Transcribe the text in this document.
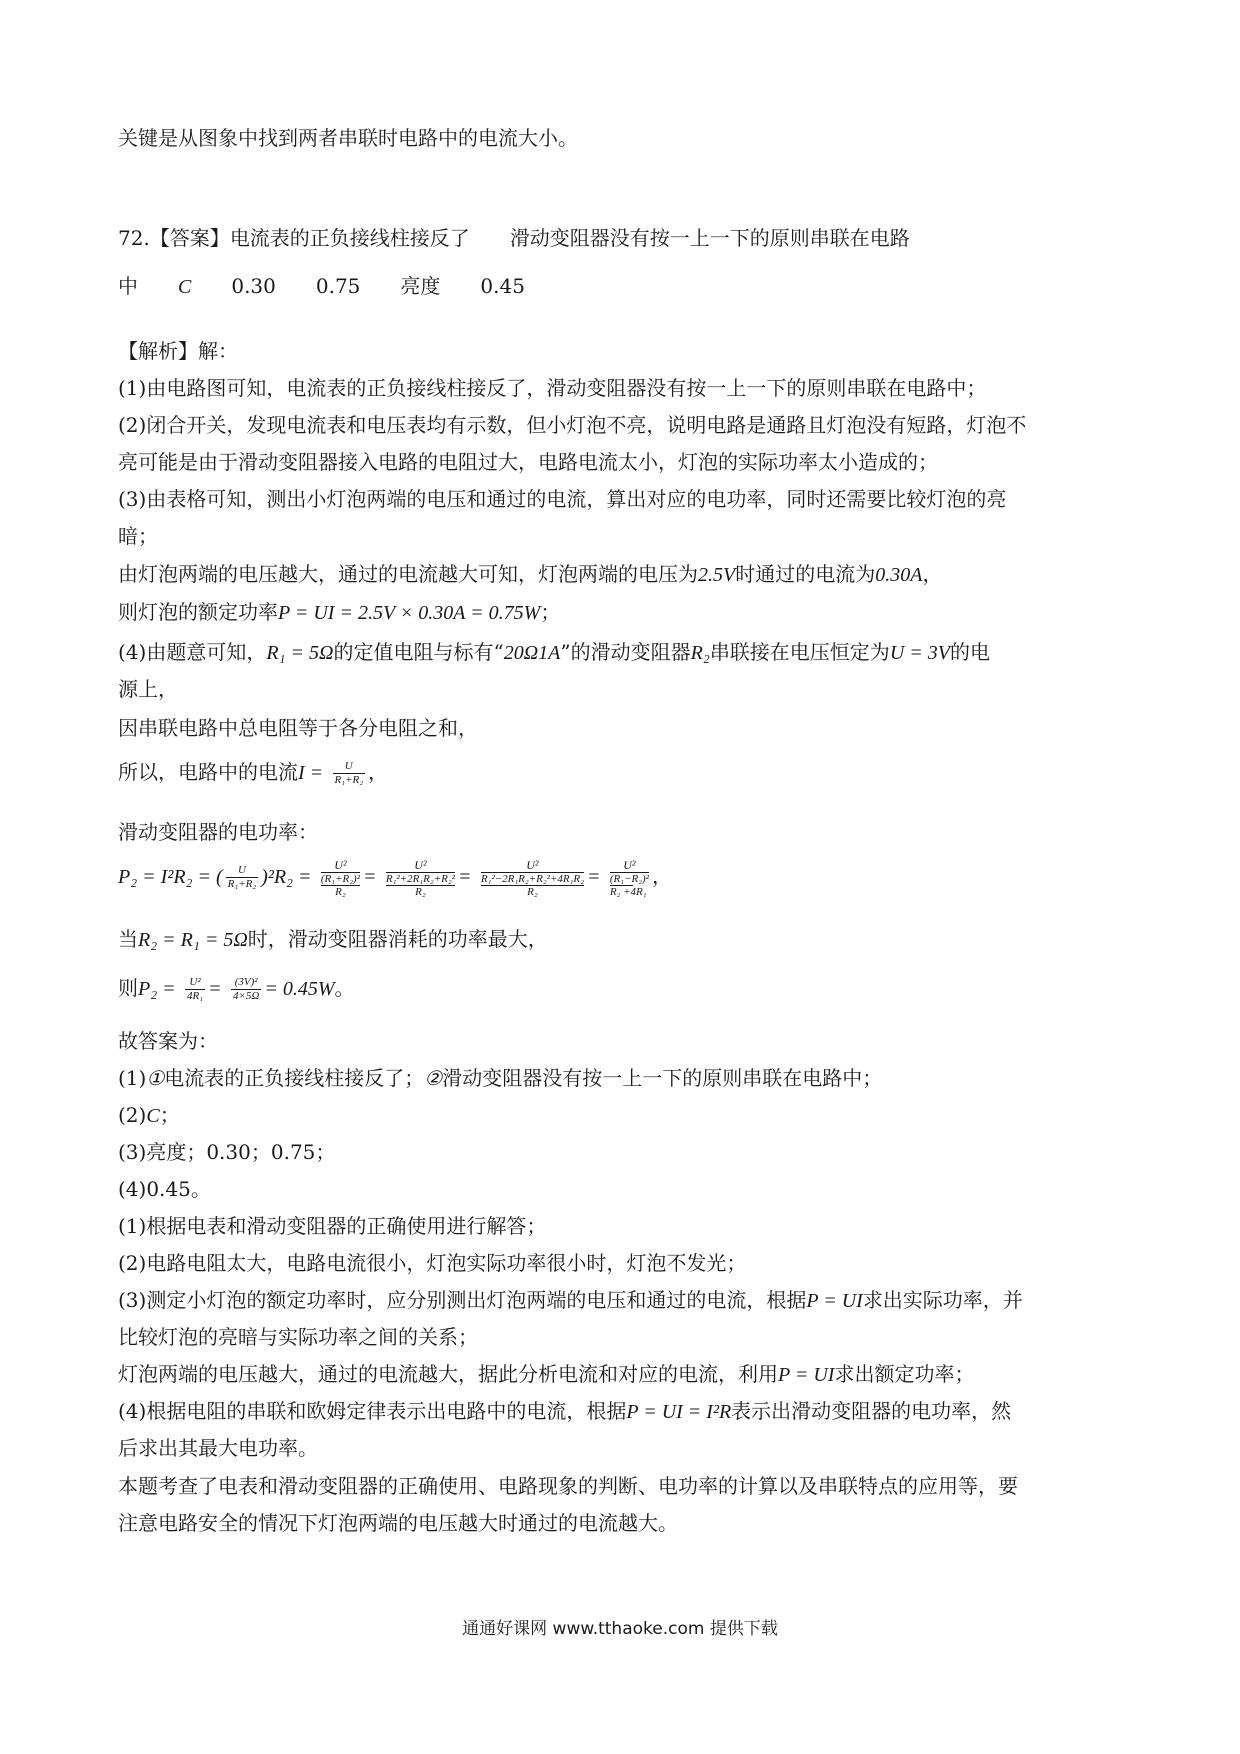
关键是从图象中找到两者串联时电路中的电流大小。
72.【答案】电流表的正负接线柱接反了 滑动变阻器没有按一上一下的原则串联在电路
中 C 0.30 0.75 亮度 0.45
【解析】解：
(1)由电路图可知，电流表的正负接线柱接反了，滑动变阻器没有按一上一下的原则串联在电路中；
(2)闭合开关，发现电流表和电压表均有示数，但小灯泡不亮，说明电路是通路且灯泡没有短路，灯泡不
亮可能是由于滑动变阻器接入电路的电阻过大，电路电流太小，灯泡的实际功率太小造成的；
(3)由表格可知，测出小灯泡两端的电压和通过的电流，算出对应的电功率，同时还需要比较灯泡的亮
暗；
由灯泡两端的电压越大，通过的电流越大可知，灯泡两端的电压为2.5V时通过的电流为0.30A，
则灯泡的额定功率P = UI = 2.5V × 0.30A = 0.75W；
(4)由题意可知，R₁ = 5Ω的定值电阻与标有“20Ω1A”的滑动变阻器R₂串联接在电压恒定为U = 3V的电
源上，
因串联电路中总电阻等于各分电阻之和，
所以，电路中的电流$I = \frac{U}{\text{R₁+R₂}}$ ，
滑动变阻器的电功率：
P₂ = I²R₂ = ( $\frac{U}{\text{R₁+R₂}} )^2R_2$ =
U²
(R₁+R₂)²
R₂
=
U²
R₁²+2R₁R₂+R₂²
R₂
=
U²
R₁²−2R₁R₂+R₂²+4R₁R₂
R₂
=
U²
(R₁−R₂)²
R₂ +4R₁
，
当R₂ = R₁ = 5Ω时，滑动变阻器消耗的功率最大，
则$P_2 = \frac{\text{U²}}{\text{4R₁}} = \frac{\text{(3V)²}}{4\times 5\Omega} = 0.45W$。
故答案为：
(1)①电流表的正负接线柱接反了；②滑动变阻器没有按一上一下的原则串联在电路中；
(2)C；
(3)亮度；0.30；0.75；
(4)0.45。
(1)根据电表和滑动变阻器的正确使用进行解答；
(2)电路电阻太大，电路电流很小，灯泡实际功率很小时，灯泡不发光；
(3)测定小灯泡的额定功率时，应分别测出灯泡两端的电压和通过的电流，根据P = UI求出实际功率，并
比较灯泡的亮暗与实际功率之间的关系；
灯泡两端的电压越大，通过的电流越大，据此分析电流和对应的电流，利用P = UI求出额定功率；
(4)根据电阻的串联和欧姆定律表示出电路中的电流，根据P = UI = I²R表示出滑动变阻器的电功率，然
后求出其最大电功率。
本题考查了电表和滑动变阻器的正确使用、电路现象的判断、电功率的计算以及串联特点的应用等，要
注意电路安全的情况下灯泡两端的电压越大时通过的电流越大。
通通好课网 www.tthaoke.com 提供下载
